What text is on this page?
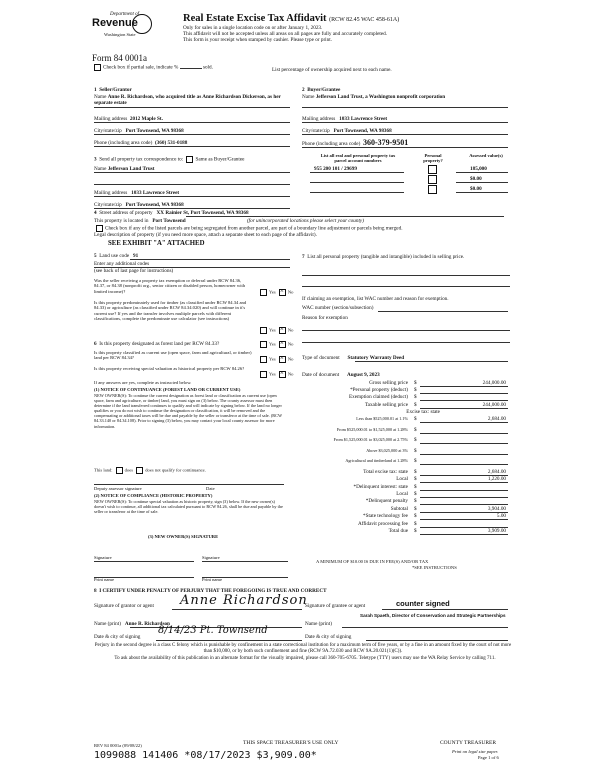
Department of
Revenue
Washington State
Real Estate Excise Tax Affidavit (RCW 82.45 WAC 458-61A)
Only for sales in a single location code on or after January 1, 2023.
This affidavit will not be accepted unless all areas on all pages are fully and accurately completed.
This form is your receipt when stamped by cashier. Please type or print.
Form 84 0001a
Check box if partial sale, indicate %	sold.	List percentage of ownership acquired next to each name.
1  Seller/Grantor
Name Anne R. Richardson, who acquired title as Anne Richardson Dickerson, as her separate estate
Mailing address 2012 Maple St.
City/state/zip Port Townsend, WA 98368
Phone (including area code) (360) 531-0188
2  Buyer/Grantee
Name Jefferson Land Trust, a Washington nonprofit corporation
Mailing address 1033 Lawrence Street
City/state/zip Port Townsend, WA 98368
Phone (including area code) 360-379-9501
3 Send all property tax correspondence to: Same as Buyer/Grantee
Name Jefferson Land Trust
Mailing address 1033 Lawrence Street
City/state/zip Port Townsend, WA 98368
List all real and personal property tax parcel account numbers
Personal property?
Assessed value(s)
955 200 101 / 29699	185,000
$0.00
$0.00
4 Street address of property XX Rainier St, Port Townsend, WA 98368
This property is located in Port Townsend	(for unincorporated locations please select your county)
Check box if any of the listed parcels are being segregated from another parcel, are part of a boundary line adjustment or parcels being merged.
Legal description of property (if you need more space, attach a separate sheet to each page of the affidavit).
SEE EXHIBIT "A" ATTACHED
5 Land use code 91
Enter any additional codes
(see back of last page for instructions)
Was the seller receiving a property tax exemption or deferral under RCW 84.36, 84.37, or 84.38 (nonprofit org., senior citizen or disabled person, homeowner with limited income)?	Yes ×	No
Is this property predominately used for timber (as classified under RCW 84.34 and 84.33) or agriculture (as classified under RCW 84.34.020) and will continue in it's current use? If yes and the transfer involves multiple parcels with different classifications, complete the predominate use calculator (see instructions)
Yes ×	No
6 Is this property designated as forest land per RCW 84.33?	Yes ×	No
Is this property classified as current use (open space, farm and agricultural, or timber) land per RCW 84.34?	Yes ×	No
Is this property receiving special valuation as historical property per RCW 84.26?
Yes ×	No
If any answers are yes, complete as instructed below.
(1) NOTICE OF CONTINUANCE (FOREST LAND OR CURRENT USE)
NEW OWNER(S): To continue the current designation as forest land or classification as current use (open space, farm and agriculture, or timber) land, you must sign on (3) below. The county assessor must then determine if the land transferred continues to qualify and will indicate by signing below. If the land no longer qualifies or you do not wish to continue the designation or classification, it will be removed and the compensating or additional taxes will be due and payable by the seller or transferor at the time of sale. (RCW 84.33.140 or 84.34.108). Prior to signing (3) below, you may contact your local county assessor for more information.
This land:	does	does not qualify for continuance.
Deputy assessor signature	Date
(2) NOTICE OF COMPLIANCE (HISTORIC PROPERTY)
NEW OWNER(S): To continue special valuation as historic property, sign (3) below. If the new owner(s) doesn't wish to continue, all additional tax calculated pursuant to RCW 84.26, shall be due and payable by the seller or transferor at the time of sale.
(3) NEW OWNER(S) SIGNATURE
Signature	Signature
Print name	Print name
7 List all personal property (tangible and intangible) included in selling price.
If claiming an exemption, list WAC number and reason for exemption.
WAC number (section/subsection)
Reason for exemption
Type of document Statutory Warranty Deed
Date of document August 9, 2023
Gross selling price $	244,000.00
*Personal property (deduct) $
Exemption claimed (deduct) $
Taxable selling price $	244,000.00
Excise tax: state
Less than $525,000.01 at 1.1% $	2,684.00
From $525,000.01 to $1,525,000 at 1.28% $
From $1,525,000.01 to $3,025,000 at 2.75% $
Above $3,025,000 at 3% $
Agricultural and timberland at 1.28% $
Total excise tax: state $	2,684.00
Local $	1,220.00
*Delinquent interest: state $
Local $
*Delinquent penalty $
Subtotal $	3,904.00
*State technology fee $	5.00
Affidavit processing fee $
Total due $	3,909.00
A MINIMUM OF $10.00 IS DUE IN FEE(S) AND/OR TAX
*SEE INSTRUCTIONS
8  I CERTIFY UNDER PENALTY OF PERJURY THAT THE FOREGOING IS TRUE AND CORRECT
Signature of grantor or agent Anne Richardson
Signature of grantee or agent	counter signed
Sarah Spaeth, Director of Conservation and Strategic Partnerships
Name (print) Anne R. Richardson	Name (print)
Date & city of signing
8/14/23 Pt. Townsend
Date & city of signing
Perjury in the second degree is a class C felony which is punishable by confinement in a state correctional institution for a maximum term of five years, or by a fine in an amount fixed by the court of not more than $10,000, or by both such confinement and fine (RCW 9A.72.030 and RCW 9A.20.021(1)(C)).
To ask about the availability of this publication in an alternate format for the visually impaired, please call 360-705-6705. Teletype (TTY) users may use the WA Relay Service by calling 711.
REV 84 0001a (09/08/22)	THIS SPACE TREASURER'S USE ONLY
1099088 141406 *08/17/2023 $3,909.00*
COUNTY TREASURER
Print on legal size paper.
Page 1 of 6
